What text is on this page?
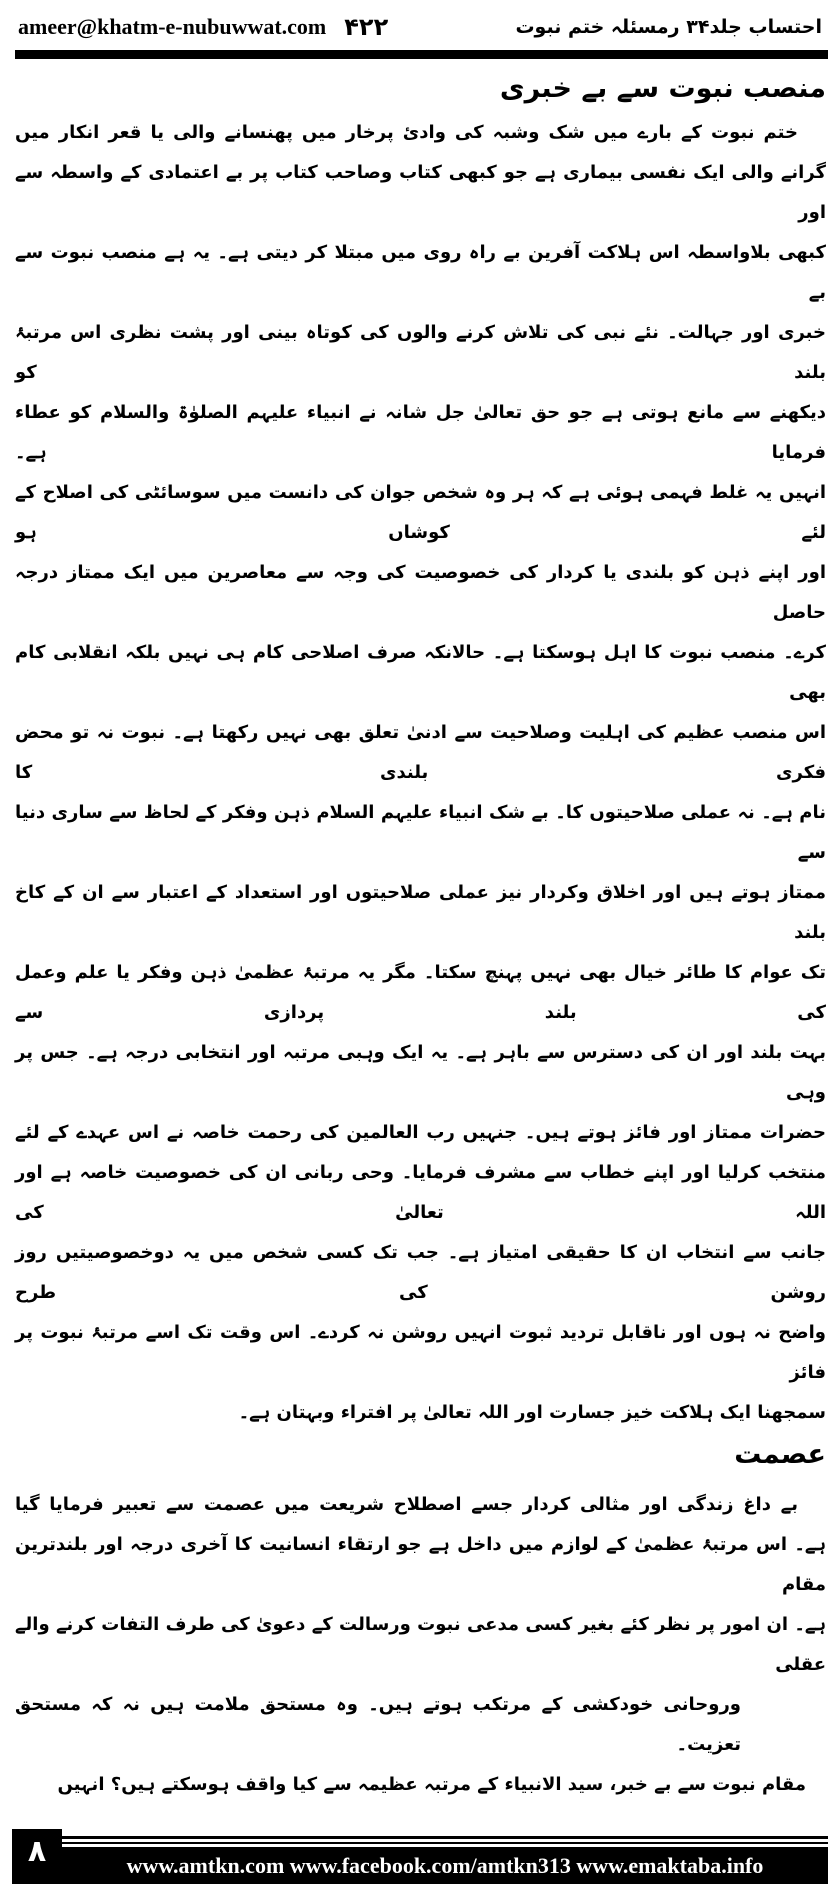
ameer@khatm-e-nubuwwat.com ۴۲۲	احتساب جلد۳۴ رمسئلہ ختم نبوت
منصب نبوت سے بے خبری
ختم نبوت کے بارے میں شک وشبہ کی وادیٔ پرخار میں پھنسانے والی یا قعر انکار میں
گرانے والی ایک نفسی بیماری ہے جو کبھی کتاب وصاحب کتاب پر بے اعتمادی کے واسطہ سے اور
کبھی بلاواسطہ اس ہلاکت آفرین بے راہ روی میں مبتلا کر دیتی ہے۔ یہ ہے منصب نبوت سے بے
خبری اور جہالت۔ نئے نبی کی تلاش کرنے والوں کی کوتاہ بینی اور پشت نظری اس مرتبۂ بلند کو
دیکھنے سے مانع ہوتی ہے جو حق تعالیٰ جل شانہ نے انبیاء علیہم الصلوٰۃ والسلام کو عطاء فرمایا ہے۔
انہیں یہ غلط فہمی ہوئی ہے کہ ہر وہ شخص جوان کی دانست میں سوسائٹی کی اصلاح کے لئے کوشاں ہو
اور اپنے ذہن کو بلندی یا کردار کی خصوصیت کی وجہ سے معاصرین میں ایک ممتاز درجہ حاصل
کرے۔ منصب نبوت کا اہل ہوسکتا ہے۔ حالانکہ صرف اصلاحی کام ہی نہیں بلکہ انقلابی کام بھی
اس منصب عظیم کی اہلیت وصلاحیت سے ادنیٰ تعلق بھی نہیں رکھتا ہے۔ نبوت نہ تو محض فکری بلندی کا
نام ہے۔ نہ عملی صلاحیتوں کا۔ بے شک انبیاء علیہم السلام ذہن وفکر کے لحاظ سے ساری دنیا سے
ممتاز ہوتے ہیں اور اخلاق وکردار نیز عملی صلاحیتوں اور استعداد کے اعتبار سے ان کے کاخ بلند
تک عوام کا طائر خیال بھی نہیں پہنچ سکتا۔ مگر یہ مرتبۂ عظمیٰ ذہن وفکر یا علم وعمل کی بلند پردازی سے
بہت بلند اور ان کی دسترس سے باہر ہے۔ یہ ایک وہبی مرتبہ اور انتخابی درجہ ہے۔ جس پر وہی
حضرات ممتاز اور فائز ہوتے ہیں۔ جنہیں رب العالمین کی رحمت خاصہ نے اس عہدے کے لئے
منتخب کرلیا اور اپنے خطاب سے مشرف فرمایا۔ وحی ربانی ان کی خصوصیت خاصہ ہے اور اللہ تعالیٰ کی
جانب سے انتخاب ان کا حقیقی امتیاز ہے۔ جب تک کسی شخص میں یہ دوخصوصیتیں روز روشن کی طرح
واضح نہ ہوں اور ناقابل تردید ثبوت انہیں روشن نہ کردے۔ اس وقت تک اسے مرتبۂ نبوت پر فائز
سمجھنا ایک ہلاکت خیز جسارت اور اللہ تعالیٰ پر افتراء وبہتان ہے۔
عصمت
بے داغ زندگی اور مثالی کردار جسے اصطلاح شریعت میں عصمت سے تعبیر فرمایا گیا
ہے۔ اس مرتبۂ عظمیٰ کے لوازم میں داخل ہے جو ارتقاء انسانیت کا آخری درجہ اور بلندترین مقام
ہے۔ ان امور پر نظر کئے بغیر کسی مدعی نبوت ورسالت کے دعویٰ کی طرف التفات کرنے والے عقلی
وروحانی خودکشی کے مرتکب ہوتے ہیں۔ وہ مستحق ملامت ہیں نہ کہ مستحق تعزیت۔
مقام نبوت سے بے خبر، سید الانبیاء کے مرتبہ عظیمہ سے کیا واقف ہوسکتے ہیں؟ انہیں
۸	www.amtkn.com www.facebook.com/amtkn313 www.emaktaba.info
